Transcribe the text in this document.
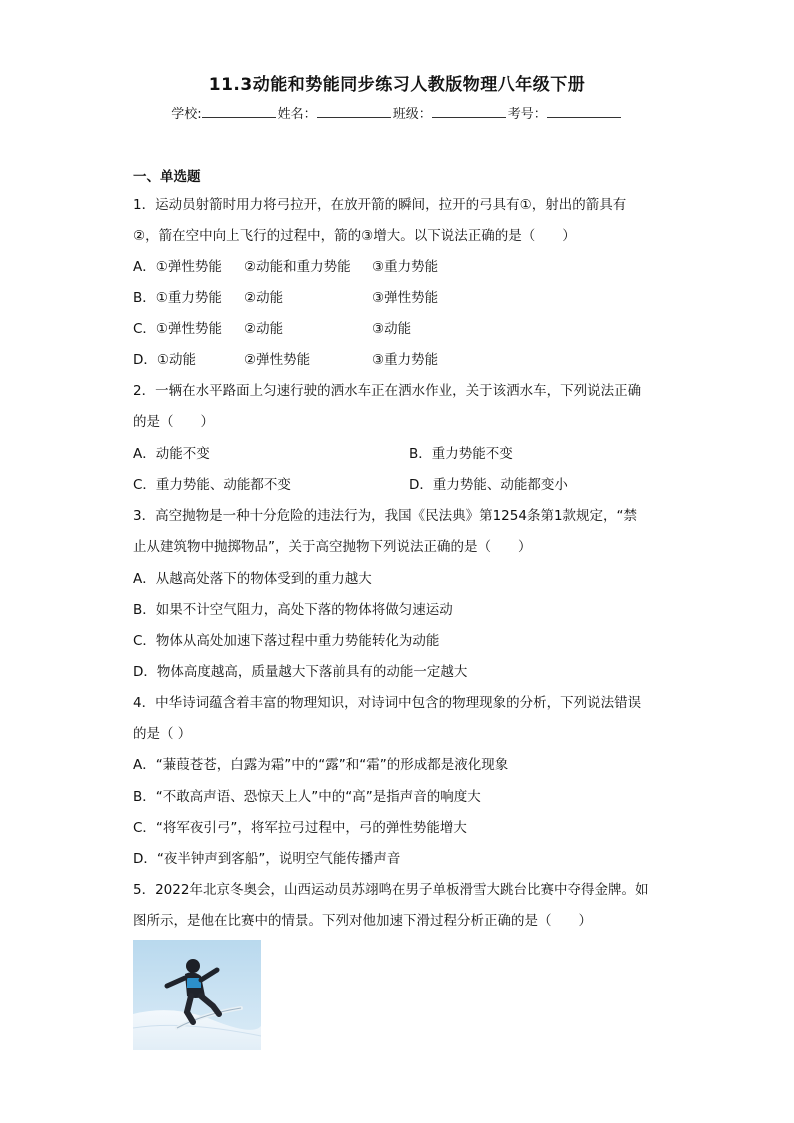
11.3动能和势能同步练习人教版物理八年级下册
学校:	姓名：	班级：	考号：
一、单选题
1．运动员射箭时用力将弓拉开，在放开箭的瞬间，拉开的弓具有①，射出的箭具有
②，箭在空中向上飞行的过程中，箭的③增大。以下说法正确的是（　　）
A．①弹性势能 ②动能和重力势能 ③重力势能
B．①重力势能 ②动能	③弹性势能
C．①弹性势能 ②动能	③动能
D．①动能	②弹性势能	③重力势能
2．一辆在水平路面上匀速行驶的洒水车正在洒水作业，关于该洒水车，下列说法正确
的是（　　）
A．动能不变	B．重力势能不变
C．重力势能、动能都不变	D．重力势能、动能都变小
3．高空抛物是一种十分危险的违法行为，我国《民法典》第1254条第1款规定，“禁
止从建筑物中抛掷物品”，关于高空抛物下列说法正确的是（　　）
A．从越高处落下的物体受到的重力越大
B．如果不计空气阻力，高处下落的物体将做匀速运动
C．物体从高处加速下落过程中重力势能转化为动能
D．物体高度越高，质量越大下落前具有的动能一定越大
4．中华诗词蕴含着丰富的物理知识，对诗词中包含的物理现象的分析，下列说法错误
的是（ ）
A．“蒹葭苍苍，白露为霜”中的“露”和“霜”的形成都是液化现象
B．“不敢高声语、恐惊天上人”中的“高”是指声音的响度大
C．“将军夜引弓”，将军拉弓过程中，弓的弹性势能增大
D．“夜半钟声到客船”，说明空气能传播声音
5．2022年北京冬奥会，山西运动员苏翊鸣在男子单板滑雪大跳台比赛中夺得金牌。如
图所示，是他在比赛中的情景。下列对他加速下滑过程分析正确的是（　　）
